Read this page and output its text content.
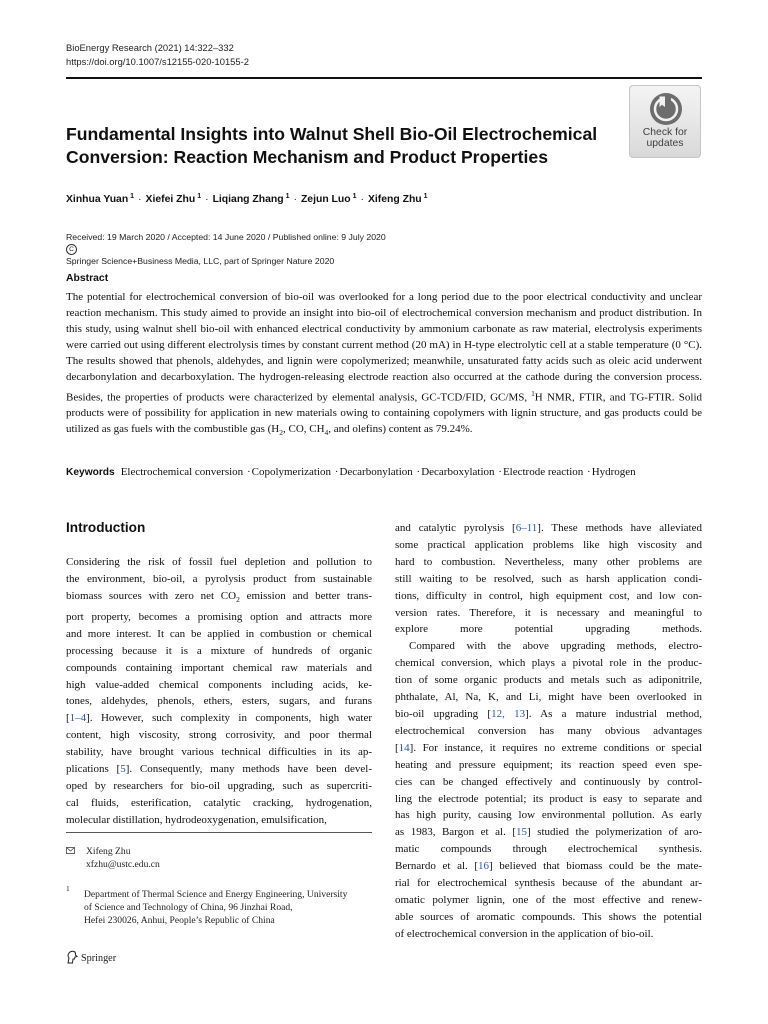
BioEnergy Research (2021) 14:322–332
https://doi.org/10.1007/s12155-020-10155-2
Check for
updates
Fundamental Insights into Walnut Shell Bio-Oil Electrochemical
Conversion: Reaction Mechanism and Product Properties
Xinhua Yuan $^1$ · Xiefei Zhu $^1$ · Liqiang Zhang $^1$ · Zejun Luo $^1$ · Xifeng Zhu $^1$
Received: 19 March 2020 / Accepted: 14 June 2020 / Published online: 9 July 2020
C
Springer Science+Business Media, LLC, part of Springer Nature 2020
Abstract
The potential for electrochemical conversion of bio-oil was overlooked for a long period due to the poor electrical conductivity and unclear reaction mechanism. This study aimed to provide an insight into bio-oil of electrochemical conversion mechanism and product distribution. In this study, using walnut shell bio-oil with enhanced electrical conductivity by ammonium carbonate as raw material, electrolysis experiments were carried out using different electrolysis times by constant current method (20 mA) in H-type electrolytic cell at a stable temperature (0 °C). The results showed that phenols, aldehydes, and lignin were copolymerized; meanwhile, unsaturated fatty acids such as oleic acid underwent decarbonylation and decarboxylation. The hydrogen-releasing electrode reaction also occurred at the cathode during the conversion process. Besides, the properties of products were characterized by elemental analysis, GC-TCD/FID, GC/MS, $^1$H NMR, FTIR, and TG-FTIR. Solid products were of possibility for application in new materials owing to containing copolymers with lignin structure, and gas products could be utilized as gas fuels with the combustible gas ($H_2$, CO, $CH_4$, and olefins) content as 79.24%.
Keywords Electrochemical conversion ·Copolymerization ·Decarbonylation ·Decarboxylation ·Electrode reaction ·Hydrogen
Introduction
Considering the risk of fossil fuel depletion and pollution to
the environment, bio-oil, a pyrolysis product from sustainable
biomass sources with zero net $CO_2$ emission and better trans-
port property, becomes a promising option and attracts more
and more interest. It can be applied in combustion or chemical
processing because it is a mixture of hundreds of organic
compounds containing important chemical raw materials and
high value-added chemical components including acids, ke-
tones, aldehydes, phenols, ethers, esters, sugars, and furans
[1–4]. However, such complexity in components, high water
content, high viscosity, strong corrosivity, and poor thermal
stability, have brought various technical difficulties in its ap-
plications [5]. Consequently, many methods have been devel-
oped by researchers for bio-oil upgrading, such as supercriti-
cal fluids, esterification, catalytic cracking, hydrogenation,
molecular distillation, hydrodeoxygenation, emulsification,
and catalytic pyrolysis [6–11]. These methods have alleviated
some practical application problems like high viscosity and
hard to combustion. Nevertheless, many other problems are
still waiting to be resolved, such as harsh application condi-
tions, difficulty in control, high equipment cost, and low con-
version rates. Therefore, it is necessary and meaningful to
explore more potential upgrading methods.
Compared with the above upgrading methods, electro-
chemical conversion, which plays a pivotal role in the produc-
tion of some organic products and metals such as adiponitrile,
phthalate, Al, Na, K, and Li, might have been overlooked in
bio-oil upgrading [12, 13]. As a mature industrial method,
electrochemical conversion has many obvious advantages
[14]. For instance, it requires no extreme conditions or special
heating and pressure equipment; its reaction speed even spe-
cies can be changed effectively and continuously by control-
ling the electrode potential; its product is easy to separate and
has high purity, causing low environmental pollution. As early
as 1983, Bargon et al. [15] studied the polymerization of aro-
matic compounds through electrochemical synthesis.
Bernardo et al. [16] believed that biomass could be the mate-
rial for electrochemical synthesis because of the abundant ar-
omatic polymer lignin, one of the most effective and renew-
able sources of aromatic compounds. This shows the potential
of electrochemical conversion in the application of bio-oil.
Xifeng Zhu
xfzhu@ustc.edu.cn
1
Department of Thermal Science and Energy Engineering, University
of Science and Technology of China, 96 Jinzhai Road,
Hefei 230026, Anhui, People’s Republic of China
Springer
